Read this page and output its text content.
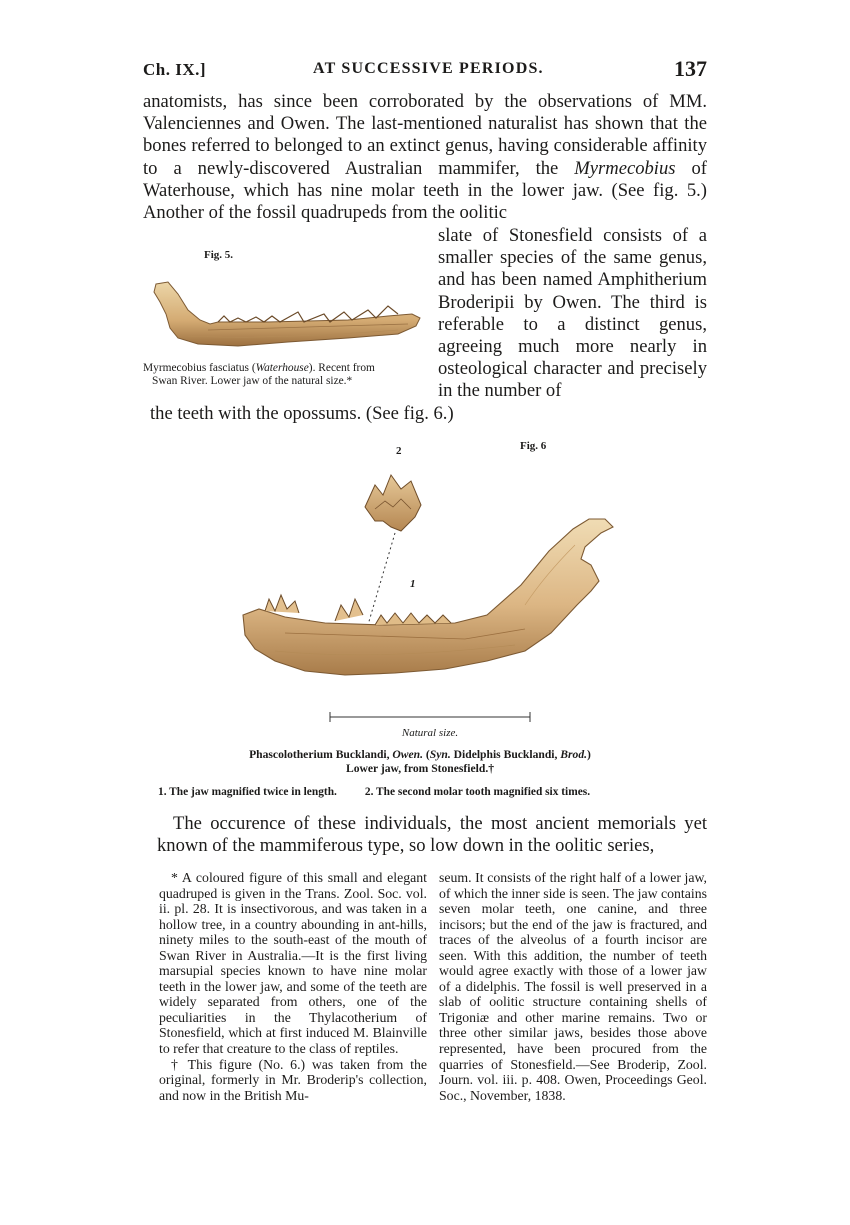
Ch. IX.]	AT SUCCESSIVE PERIODS.	137

anatomists, has since been corroborated by the observations of MM. Valenciennes and Owen. The last-mentioned naturalist has shown that the bones referred to belonged to an extinct genus, having considerable affinity to a newly-discovered Australian mammifer, the Myrmecobius of Waterhouse, which has nine molar teeth in the lower jaw. (See fig. 5.) Another of the fossil quadrupeds from the oolitic

slate of Stonesfield consists of a smaller species of the same genus, and has been named Amphitherium Broderipii by Owen. The third is referable to a distinct genus, agreeing much more nearly in osteological character and precisely in the number of

the teeth with the opossums. (See fig. 6.)

Fig. 5.
Myrmecobius fasciatus (Waterhouse). Recent from
Swan River. Lower jaw of the natural size.*
Fig. 6
2
1
Natural size.
Phascolotherium Bucklandi, Owen. (Syn. Didelphis Bucklandi, Brod.)
Lower jaw, from Stonesfield.†
1. The jaw magnified twice in length. 2. The second molar tooth magnified six times.

The occurence of these individuals, the most ancient memorials yet known of the mammiferous type, so low down in the oolitic series,

* A coloured figure of this small and elegant quadruped is given in the Trans. Zool. Soc. vol. ii. pl. 28. It is insectivorous, and was taken in a hollow tree, in a country abounding in ant-hills, ninety miles to the south-east of the mouth of Swan River in Australia.—It is the first living marsupial species known to have nine molar teeth in the lower jaw, and some of the teeth are widely separated from others, one of the peculiarities in the Thylacotherium of Stonesfield, which at first induced M. Blainville to refer that creature to the class of reptiles.

† This figure (No. 6.) was taken from the original, formerly in Mr. Broderip's collection, and now in the British Mu-

seum. It consists of the right half of a lower jaw, of which the inner side is seen. The jaw contains seven molar teeth, one canine, and three incisors; but the end of the jaw is fractured, and traces of the alveolus of a fourth incisor are seen. With this addition, the number of teeth would agree exactly with those of a lower jaw of a didelphis. The fossil is well preserved in a slab of oolitic structure containing shells of Trigoniæ and other marine remains. Two or three other similar jaws, besides those above represented, have been procured from the quarries of Stonesfield.—See Broderip, Zool. Journ. vol. iii. p. 408. Owen, Proceedings Geol. Soc., November, 1838.
